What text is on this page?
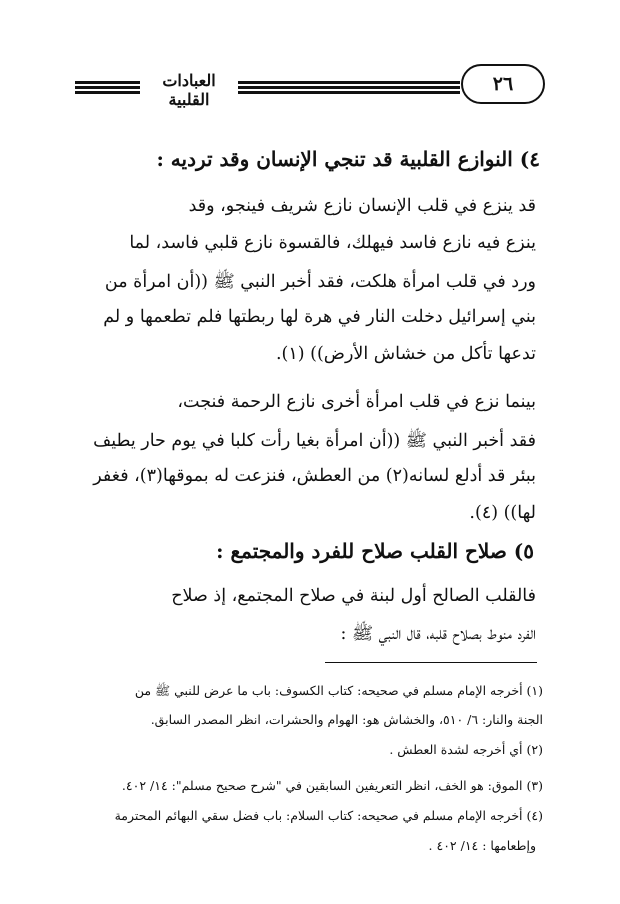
العبادات القلبية
٢٦
٤) النوازع القلبية قد تنجي الإنسان وقد ترديه :
قد ينزع في قلب الإنسان نازع شريف فينجو، وقد
ينزع فيه نازع فاسد فيهلك، فالقسوة نازع قلبي فاسد، لما
ورد في قلب امرأة هلكت، فقد أخبر النبي ﷺ ((أن امرأة من
بني إسرائيل دخلت النار في هرة لها ربطتها فلم تطعمها و لم
تدعها تأكل من خشاش الأرض)) (١).
بينما نزع في قلب امرأة أخرى نازع الرحمة فنجت،
فقد أخبر النبي ﷺ ((أن امرأة بغيا رأت كلبا في يوم حار يطيف
ببئر قد أدلع لسانه(٢) من العطش، فنزعت له بموقها(٣)، فغفر
لها)) (٤).
٥) صلاح القلب صلاح للفرد والمجتمع :
فالقلب الصالح أول لبنة في صلاح المجتمع، إذ صلاح
الفرد منوط بصلاح قلبه، قال النبي ﷺ :
(١) أخرجه الإمام مسلم في صحيحه: كتاب الكسوف: باب ما عرض للنبي ﷺ من
الجنة والنار: ٦/ ٥١٠، والخشاش هو: الهوام والحشرات، انظر المصدر السابق.
(٢) أي أخرجه لشدة العطش .
(٣) الموق: هو الخف، انظر التعريفين السابقين في "شرح صحيح مسلم": ١٤/ ٤٠٢.
(٤) أخرجه الإمام مسلم في صحيحه: كتاب السلام: باب فضل سقي البهائم المحترمة
وإطعامها : ١٤/ ٤٠٢ .
